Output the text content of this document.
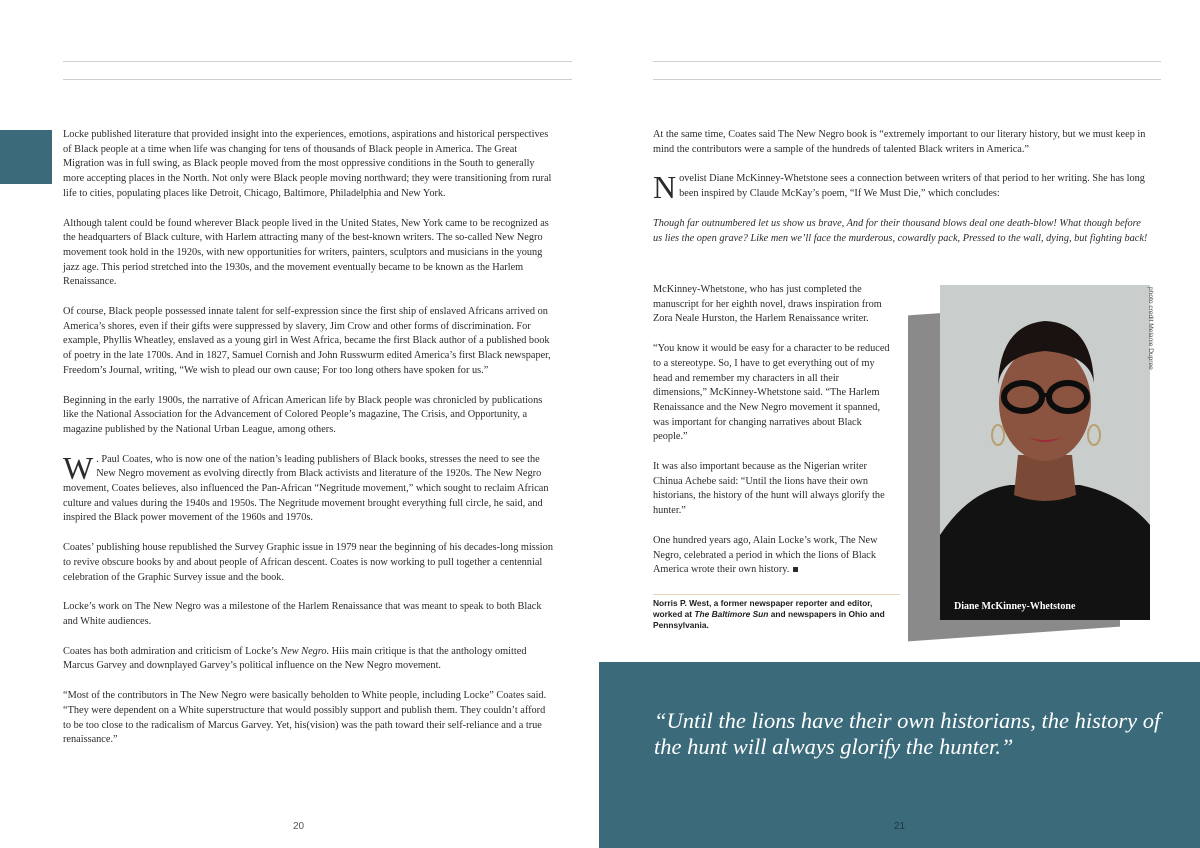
Locke published literature that provided insight into the experiences, emotions, aspirations and historical perspectives of Black people at a time when life was changing for tens of thousands of Black people in America. The Great Migration was in full swing, as Black people moved from the most oppressive conditions in the South to generally more accepting places in the North. Not only were Black people moving northward; they were transitioning from rural life to cities, populating places like Detroit, Chicago, Baltimore, Philadelphia and New York.

Although talent could be found wherever Black people lived in the United States, New York came to be recognized as the headquarters of Black culture, with Harlem attracting many of the best-known writers. The so-called New Negro movement took hold in the 1920s, with new opportunities for writers, painters, sculptors and musicians in the young jazz age. This period stretched into the 1930s, and the movement eventually became to be known as the Harlem Renaissance.

Of course, Black people possessed innate talent for self-expression since the first ship of enslaved Africans arrived on America’s shores, even if their gifts were suppressed by slavery, Jim Crow and other forms of discrimination. For example, Phyllis Wheatley, enslaved as a young girl in West Africa, became the first Black author of a published book of poetry in the late 1700s. And in 1827, Samuel Cornish and John Russwurm edited America’s first Black newspaper, Freedom’s Journal, writing, “We wish to plead our own cause; For too long others have spoken for us.”

Beginning in the early 1900s, the narrative of African American life by Black people was chronicled by publications like the National Association for the Advancement of Colored People’s magazine, The Crisis, and Opportunity, a magazine published by the National Urban League, among others.

W . Paul Coates, who is now one of the nation’s leading publishers of Black books, stresses the need to see the New Negro movement as evolving directly from Black activists and literature of the 1920s. The New Negro movement, Coates believes, also influenced the Pan-African “Negritude movement,” which sought to reclaim African culture and values during the 1940s and 1950s. The Negritude movement brought everything full circle, he said, and inspired the Black power movement of the 1960s and 1970s.

Coates’ publishing house republished the Survey Graphic issue in 1979 near the beginning of his decades-long mission to revive obscure books by and about people of African descent. Coates is now working to pull together a centennial celebration of the Graphic Survey issue and the book.

Locke’s work on The New Negro was a milestone of the Harlem Renaissance that was meant to speak to both Black and White audiences.

Coates has both admiration and criticism of Locke’s New Negro. Hiis main critique is that the anthology omitted Marcus Garvey and downplayed Garvey’s political influence on the New Negro movement.

“Most of the contributors in The New Negro were basically beholden to White people, including Locke” Coates said. “They were dependent on a White superstructure that would possibly support and publish them. They couldn’t afford to be too close to the radicalism of Marcus Garvey. Yet, his(vision) was the path toward their self-reliance and a true renaissance.”

20

At the same time, Coates said The New Negro book is “extremely important to our literary history, but we must keep in mind the contributors were a sample of the hundreds of talented Black writers in America.”

Novelist Diane McKinney-Whetstone sees a connection between writers of that period to her writing. She has long been inspired by Claude McKay’s poem, “If We Must Die,” which concludes:

Though far outnumbered let us show us brave, And for their thousand blows deal one death-blow! What though before us lies the open grave? Like men we’ll face the murderous, cowardly pack, Pressed to the wall, dying, but fighting back!

McKinney-Whetstone, who has just completed the manuscript for her eighth novel, draws inspiration from Zora Neale Hurston, the Harlem Renaissance writer.

“You know it would be easy for a character to be reduced to a stereotype. So, I have to get everything out of my head and remember my characters in all their dimensions,” McKinney-Whetstone said. “The Harlem Renaissance and the New Negro movement it spanned, was important for changing narratives about Black people.”

It was also important because as the Nigerian writer Chinua Achebe said: “Until the lions have their own historians, the history of the hunt will always glorify the hunter.”

One hundred years ago, Alain Locke’s work, The New Negro, celebrated a period in which the lions of Black America wrote their own history.

Norris P. West, a former newspaper reporter and editor, worked at The Baltimore Sun and newspapers in Ohio and Pennsylvania.
Diane McKinney-Whetstone
photo credit Melanie Dupree
“Until the lions have their own historians, the history of the hunt will always glorify the hunter.”
21
